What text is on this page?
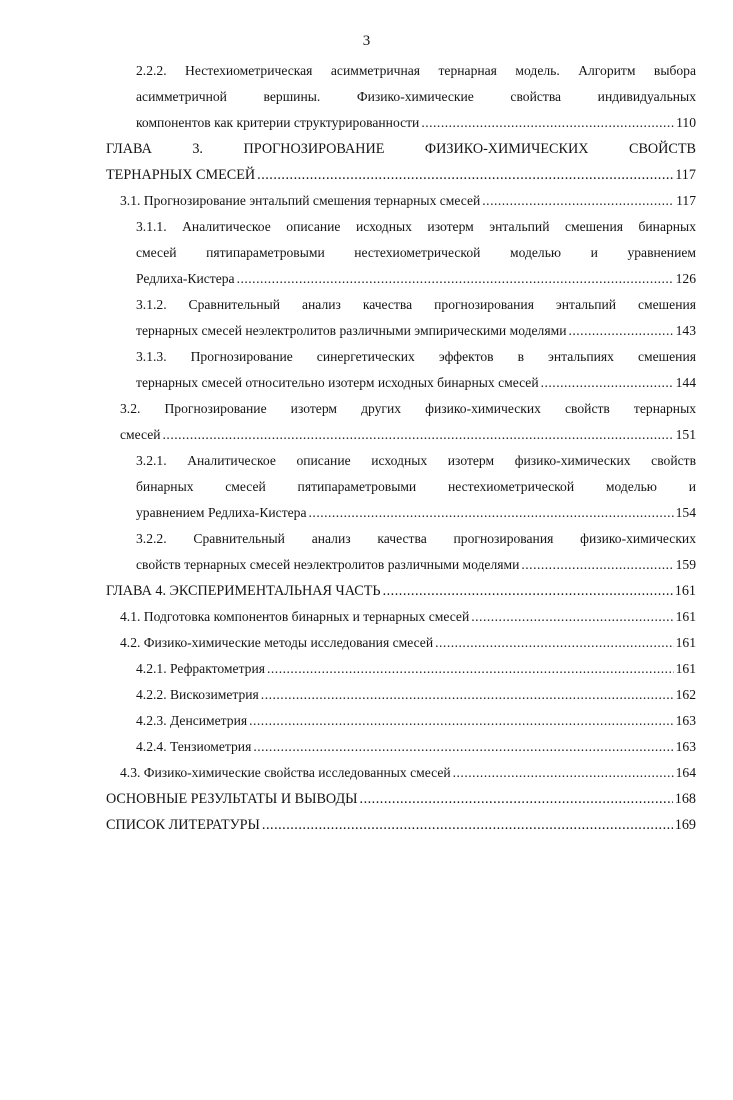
3
2.2.2. Нестехиометрическая асимметричная тернарная модель. Алгоритм выбора
асимметричной вершины. Физико-химические свойства индивидуальных
компонентов как критерии структурированности .....	110
ГЛАВА 3. ПРОГНОЗИРОВАНИЕ ФИЗИКО-ХИМИЧЕСКИХ СВОЙСТВ
ТЕРНАРНЫХ СМЕСЕЙ .....	117
3.1. Прогнозирование энтальпий смешения тернарных смесей .....	117
3.1.1. Аналитическое описание исходных изотерм энтальпий смешения бинарных
смесей пятипараметровыми нестехиометрической моделью и уравнением
Редлиха-Кистера .....	126
3.1.2. Сравнительный анализ качества прогнозирования энтальпий смешения
тернарных смесей неэлектролитов различными эмпирическими моделями .....	143
3.1.3. Прогнозирование синергетических эффектов в энтальпиях смешения
тернарных смесей относительно изотерм исходных бинарных смесей .....	144
3.2. Прогнозирование изотерм других физико-химических свойств тернарных
смесей .....	151
3.2.1. Аналитическое описание исходных изотерм физико-химических свойств
бинарных смесей пятипараметровыми нестехиометрической моделью и
уравнением Редлиха-Кистера .....	154
3.2.2. Сравнительный анализ качества прогнозирования физико-химических
свойств тернарных смесей неэлектролитов различными моделями .....	159
ГЛАВА 4. ЭКСПЕРИМЕНТАЛЬНАЯ ЧАСТЬ .....	161
4.1. Подготовка компонентов бинарных и тернарных смесей .....	161
4.2. Физико-химические методы исследования смесей .....	161
4.2.1. Рефрактометрия .....	161
4.2.2. Вискозиметрия .....	162
4.2.3. Денсиметрия .....	163
4.2.4. Тензиометрия .....	163
4.3. Физико-химические свойства исследованных смесей .....	164
ОСНОВНЫЕ РЕЗУЛЬТАТЫ И ВЫВОДЫ .....	168
СПИСОК ЛИТЕРАТУРЫ .....	169
